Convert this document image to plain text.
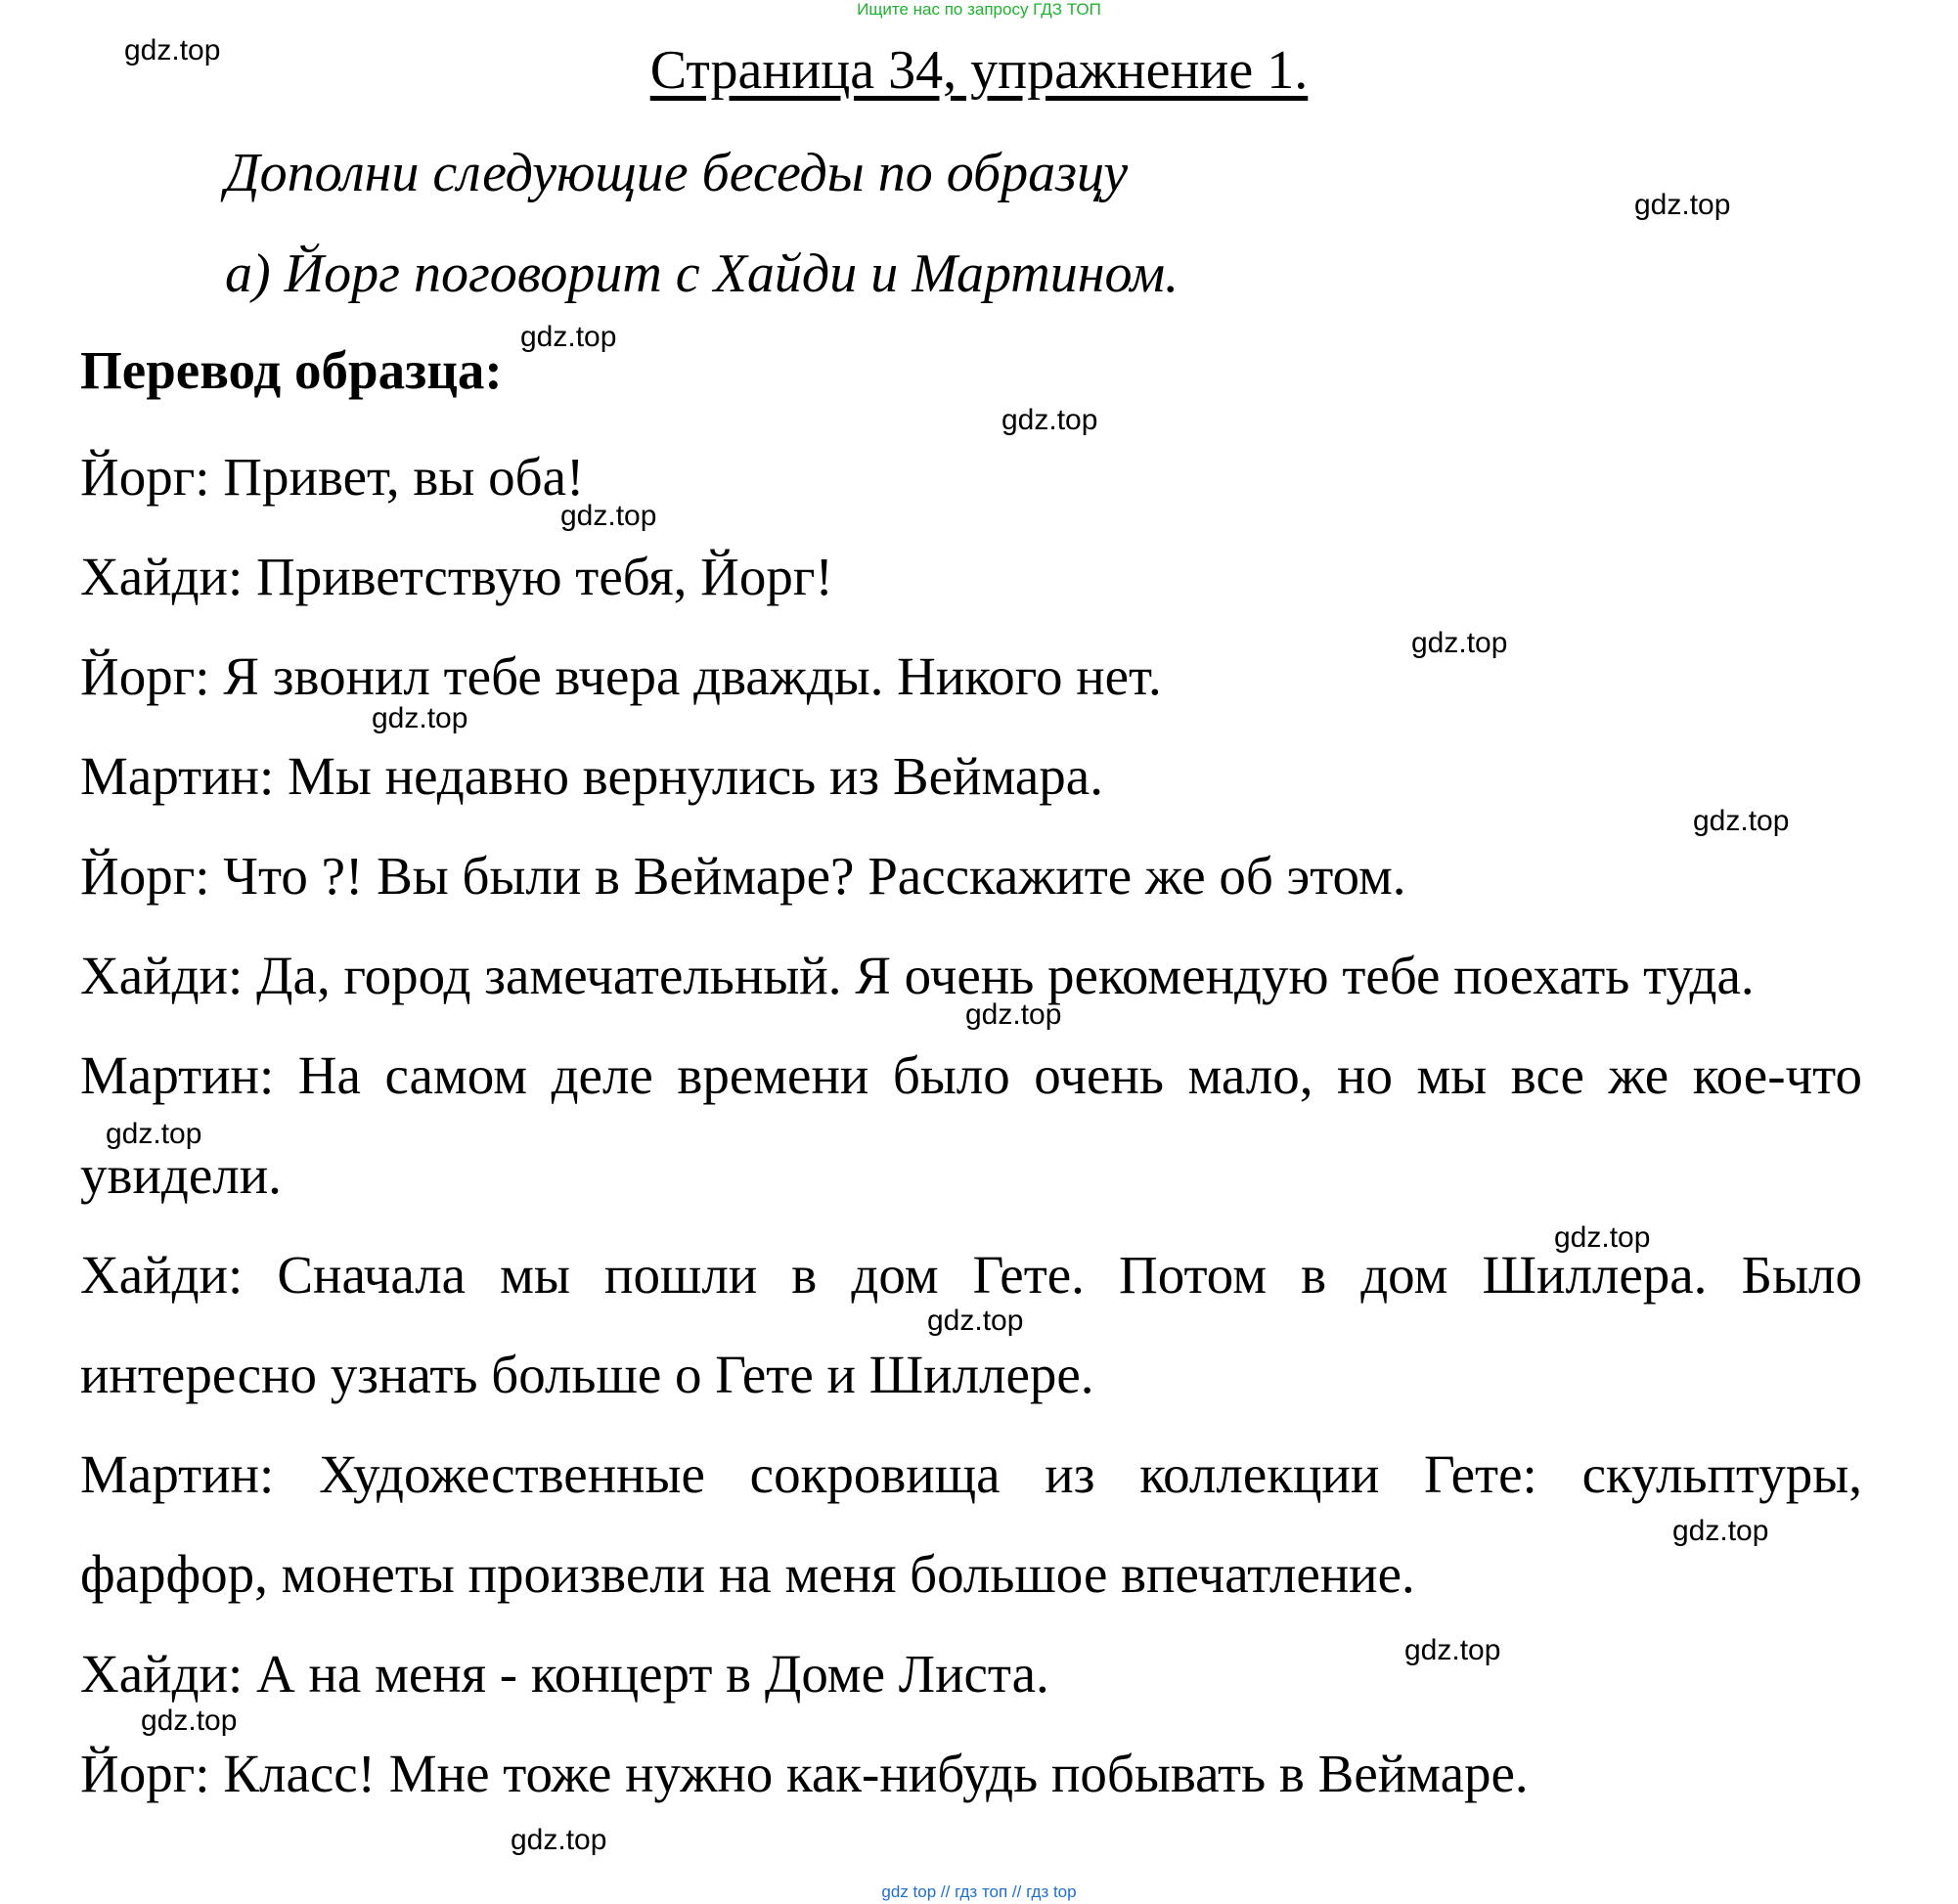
Ищите нас по запросу ГДЗ ТОП
Страница 34, упражнение 1.
Дополни следующие беседы по образцу
а) Йорг поговорит с Хайди и Мартином.
Перевод образца:
Йорг: Привет, вы оба!
Хайди: Приветствую тебя, Йорг!
Йорг: Я звонил тебе вчера дважды. Никого нет.
Мартин: Мы недавно вернулись из Веймара.
Йорг: Что ?! Вы были в Веймаре? Расскажите же об этом.
Хайди: Да, город замечательный. Я очень рекомендую тебе поехать туда.
Мартин: На самом деле времени было очень мало, но мы все же кое-что
увидели.
Хайди: Сначала мы пошли в дом Гете. Потом в дом Шиллера. Было
интересно узнать больше о Гете и Шиллере.
Мартин: Художественные сокровища из коллекции Гете: скульптуры,
фарфор, монеты произвели на меня большое впечатление.
Хайди: А на меня - концерт в Доме Листа.
Йорг: Класс! Мне тоже нужно как-нибудь побывать в Веймаре.
gdz.top
gdz.top
gdz.top
gdz.top
gdz.top
gdz.top
gdz.top
gdz.top
gdz.top
gdz.top
gdz.top
gdz.top
gdz.top
gdz.top
gdz.top
gdz.top
gdz top // гдз топ // гдз top
